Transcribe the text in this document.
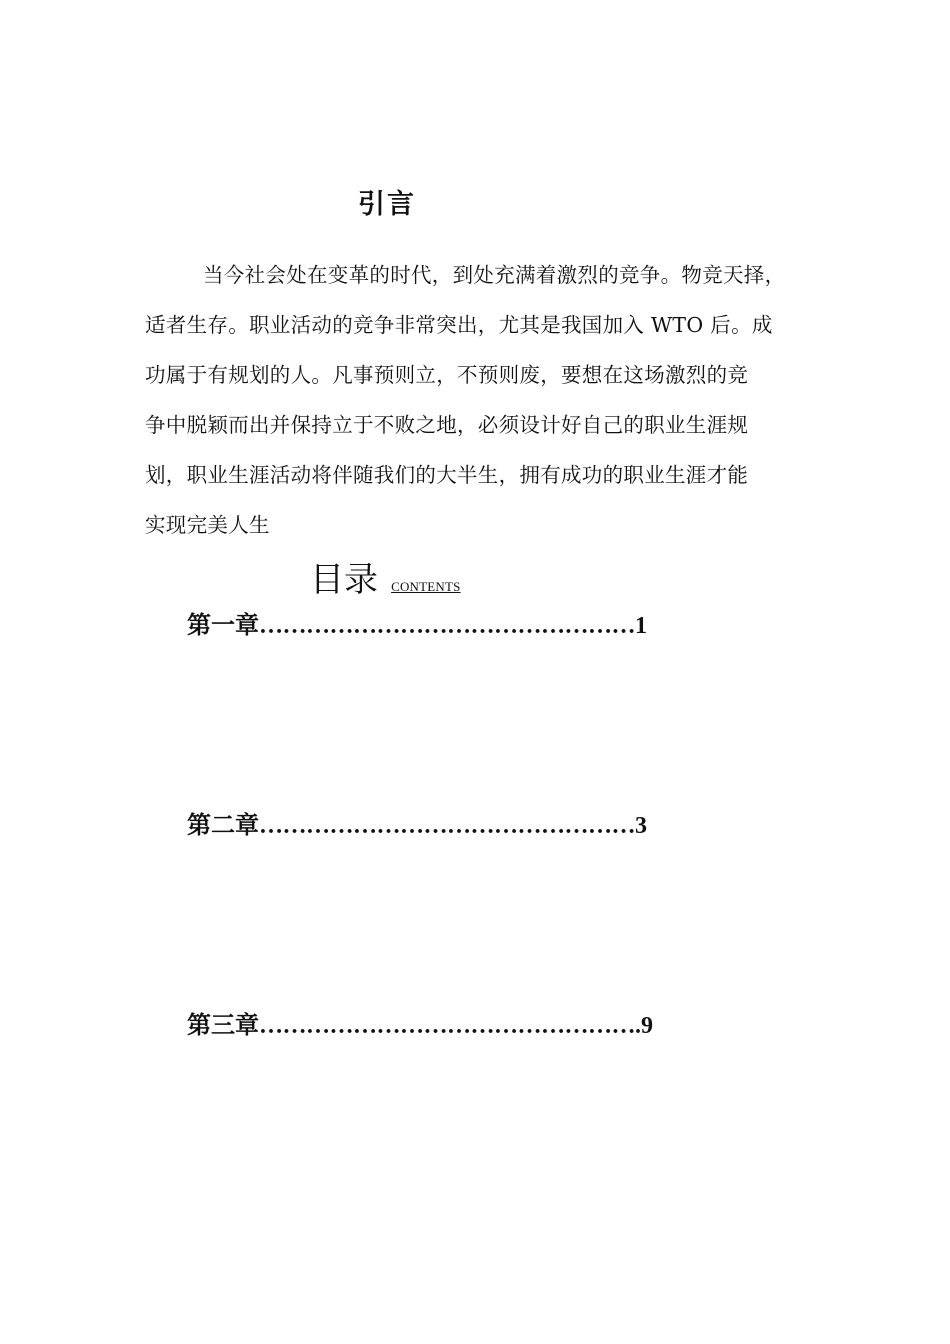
引言

当今社会处在变革的时代，到处充满着激烈的竞争。物竞天择，
适者生存。职业活动的竞争非常突出，尤其是我国加入 WTO 后。成
功属于有规划的人。凡事预则立，不预则废，要想在这场激烈的竞
争中脱颖而出并保持立于不败之地，必须设计好自己的职业生涯规
划，职业生涯活动将伴随我们的大半生，拥有成功的职业生涯才能
实现完美人生

目录 CONTENTS
第一章 ………………………………………… 1
第二章 ………………………………………… 3
第三章 ………………………………………… .9
